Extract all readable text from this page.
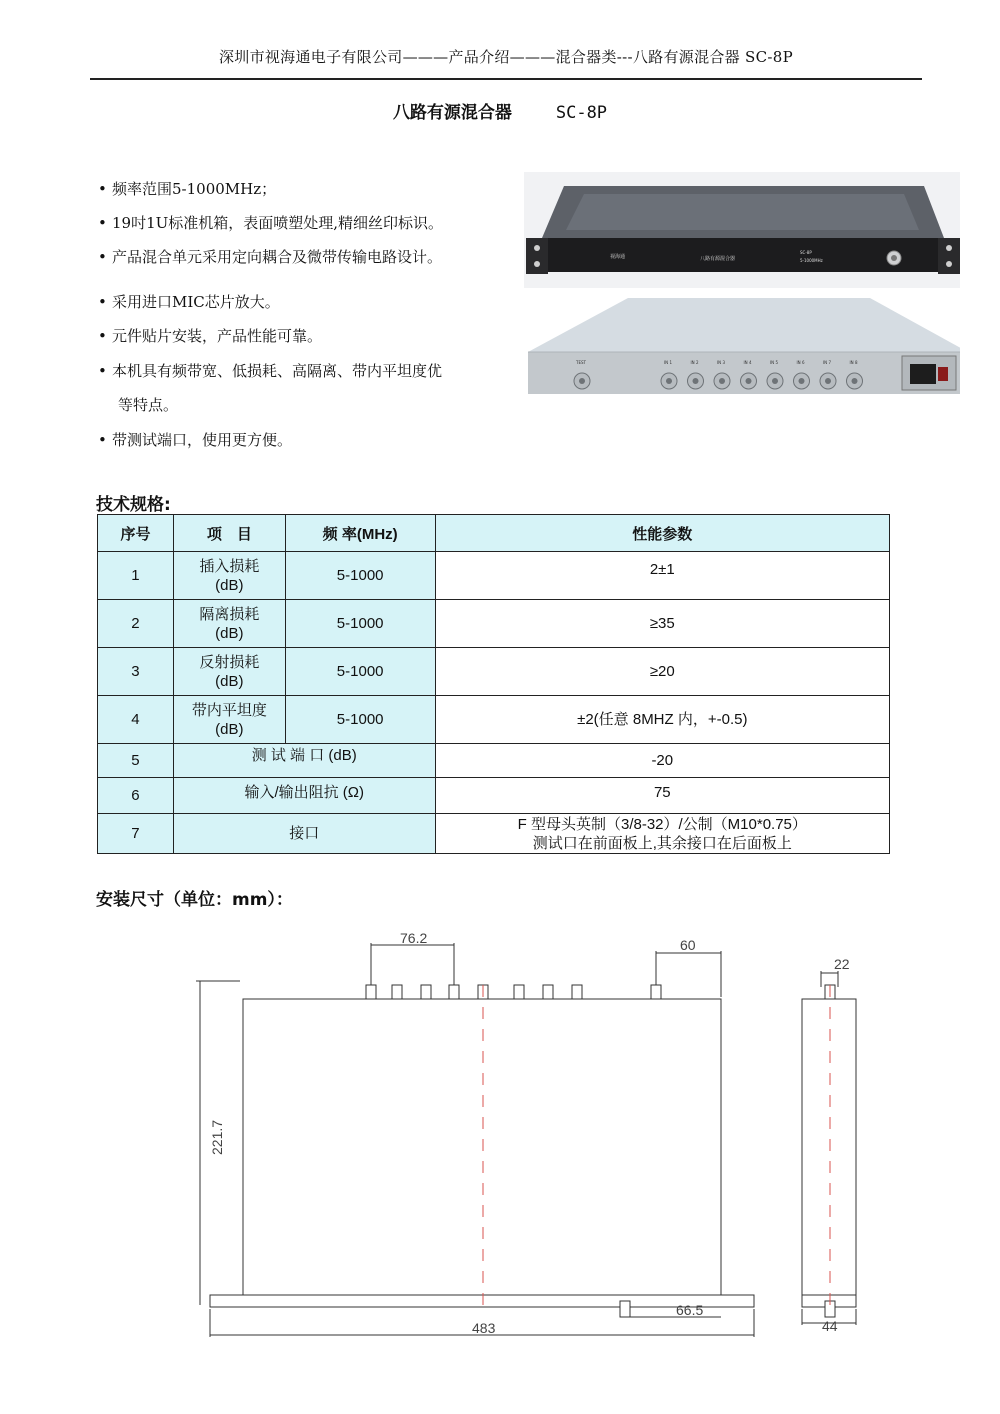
深圳市视海通电子有限公司———产品介绍———混合器类---八路有源混合器 SC-8P
八路有源混合器	SC-8P
• 频率范围5-1000MHz；
• 19吋1U标准机箱，表面喷塑处理,精细丝印标识。
• 产品混合单元采用定向耦合及微带传输电路设计。
• 采用进口MIC芯片放大。
• 元件贴片安装，产品性能可靠。
• 本机具有频带宽、低损耗、高隔离、带内平坦度优
等特点。
• 带测试端口，使用更方便。
视海通	八路有源混合器
SC-8P
5-1000MHz
TEST	IN 1	IN 2	IN 3	IN 4	IN 5	IN 6	IN 7	IN 8
技术规格:
序号	项　目	频 率(MHz)	性能参数
1	插入损耗
(dB)	5-1000	2±1
2	隔离损耗
(dB)	5-1000	≥35
3	反射损耗
(dB)	5-1000	≥20
4	带内平坦度
(dB)	5-1000	±2(任意 8MHZ 内，+-0.5)
5	测 试 端 口 (dB)		-20
6	输入/输出阻抗 (Ω)		75
7	接口		F 型母头英制（3/8-32）/公制（M10*0.75）
测试口在前面板上,其余接口在后面板上
安装尺寸（单位：mm）：
76.2	60
221.7
483
66.5
22
44
